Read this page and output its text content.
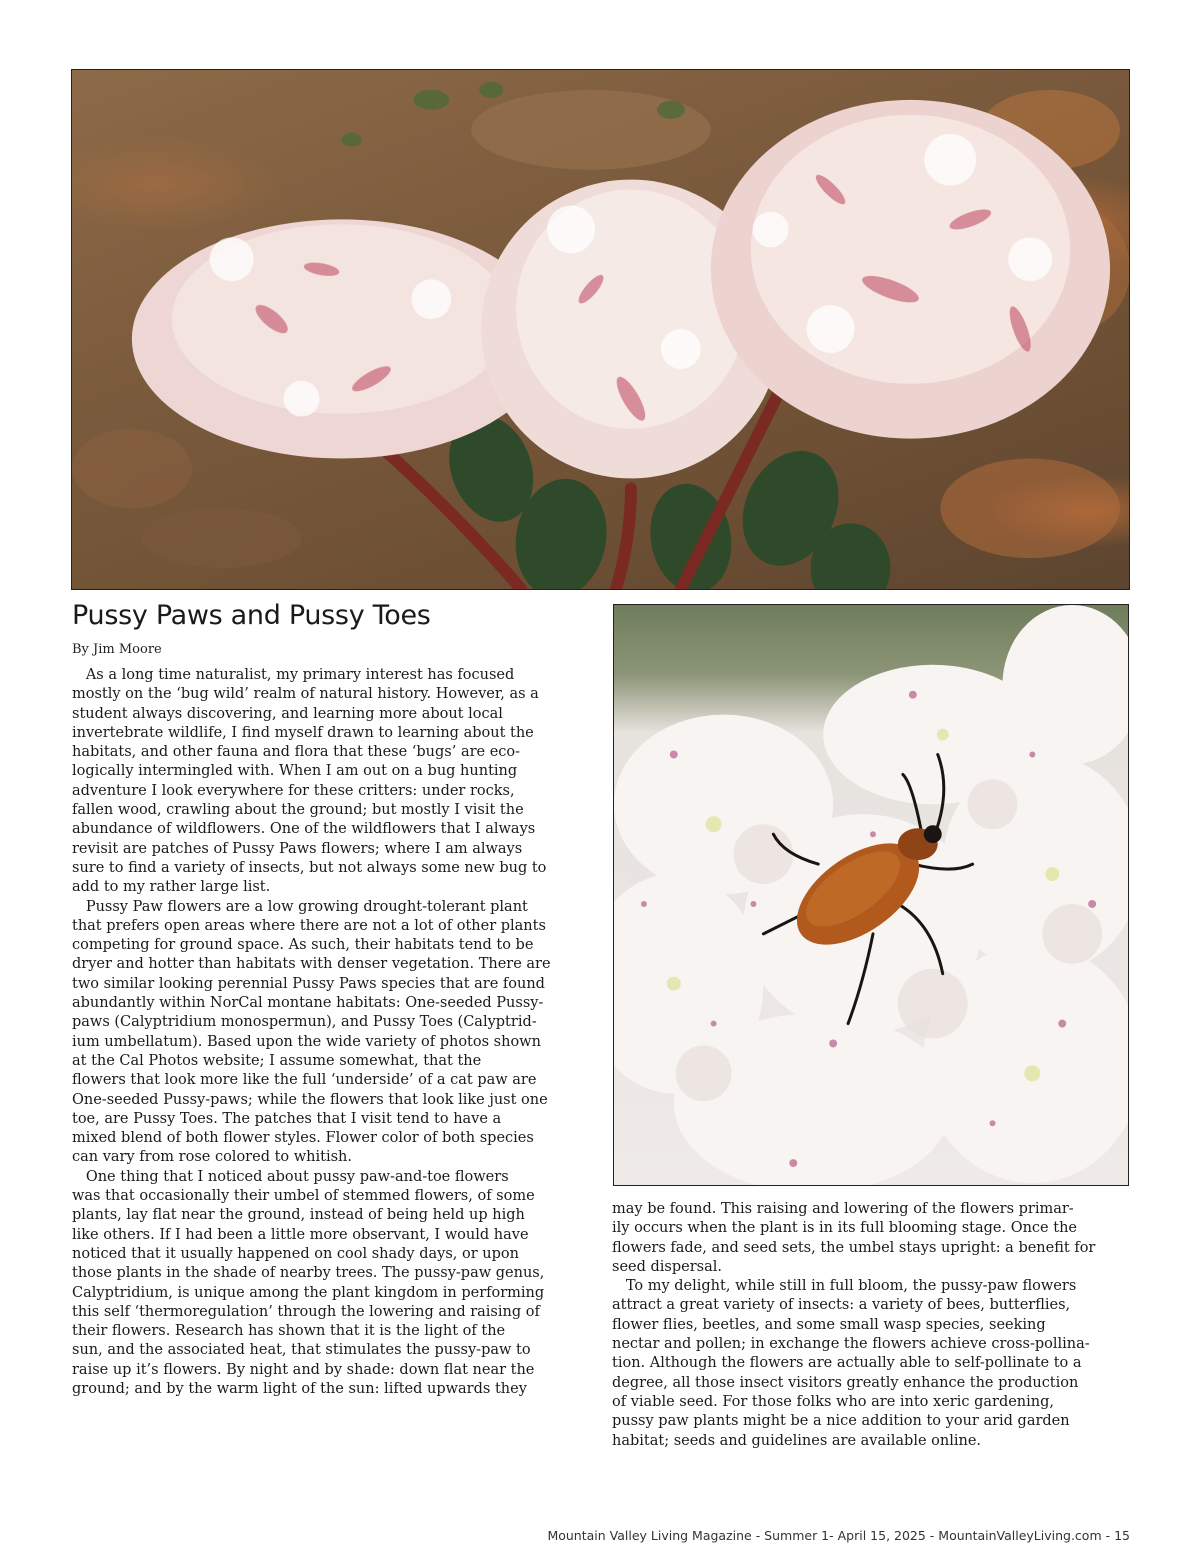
Pussy Paws and Pussy Toes
By Jim Moore
As a long time naturalist, my primary interest has focused
mostly on the ‘bug wild’ realm of natural history. However, as a
student always discovering, and learning more about local
invertebrate wildlife, I find myself drawn to learning about the
habitats, and other fauna and flora that these ‘bugs’ are eco-
logically intermingled with. When I am out on a bug hunting
adventure I look everywhere for these critters: under rocks,
fallen wood, crawling about the ground; but mostly I visit the
abundance of wildflowers. One of the wildflowers that I always
revisit are patches of Pussy Paws flowers; where I am always
sure to find a variety of insects, but not always some new bug to
add to my rather large list.
Pussy Paw flowers are a low growing drought-tolerant plant
that prefers open areas where there are not a lot of other plants
competing for ground space. As such, their habitats tend to be
dryer and hotter than habitats with denser vegetation. There are
two similar looking perennial Pussy Paws species that are found
abundantly within NorCal montane habitats: One-seeded Pussy-
paws (Calyptridium monospermun), and Pussy Toes (Calyptrid-
ium umbellatum). Based upon the wide variety of photos shown
at the Cal Photos website; I assume somewhat, that the
flowers that look more like the full ‘underside’ of a cat paw are
One-seeded Pussy-paws; while the flowers that look like just one
toe, are Pussy Toes. The patches that I visit tend to have a
mixed blend of both flower styles. Flower color of both species
can vary from rose colored to whitish.
One thing that I noticed about pussy paw-and-toe flowers
was that occasionally their umbel of stemmed flowers, of some
plants, lay flat near the ground, instead of being held up high
like others. If I had been a little more observant, I would have
noticed that it usually happened on cool shady days, or upon
those plants in the shade of nearby trees. The pussy-paw genus,
Calyptridium, is unique among the plant kingdom in performing
this self ‘thermoregulation’ through the lowering and raising of
their flowers. Research has shown that it is the light of the
sun, and the associated heat, that stimulates the pussy-paw to
raise up it’s flowers. By night and by shade: down flat near the
ground; and by the warm light of the sun: lifted upwards they
may be found. This raising and lowering of the flowers primar-
ily occurs when the plant is in its full blooming stage. Once the
flowers fade, and seed sets, the umbel stays upright: a benefit for
seed dispersal.
To my delight, while still in full bloom, the pussy-paw flowers
attract a great variety of insects: a variety of bees, butterflies,
flower flies, beetles, and some small wasp species, seeking
nectar and pollen; in exchange the flowers achieve cross-pollina-
tion. Although the flowers are actually able to self-pollinate to a
degree, all those insect visitors greatly enhance the production
of viable seed. For those folks who are into xeric gardening,
pussy paw plants might be a nice addition to your arid garden
habitat; seeds and guidelines are available online.
Mountain Valley Living Magazine - Summer 1- April 15, 2025 - MountainValleyLiving.com - 15
